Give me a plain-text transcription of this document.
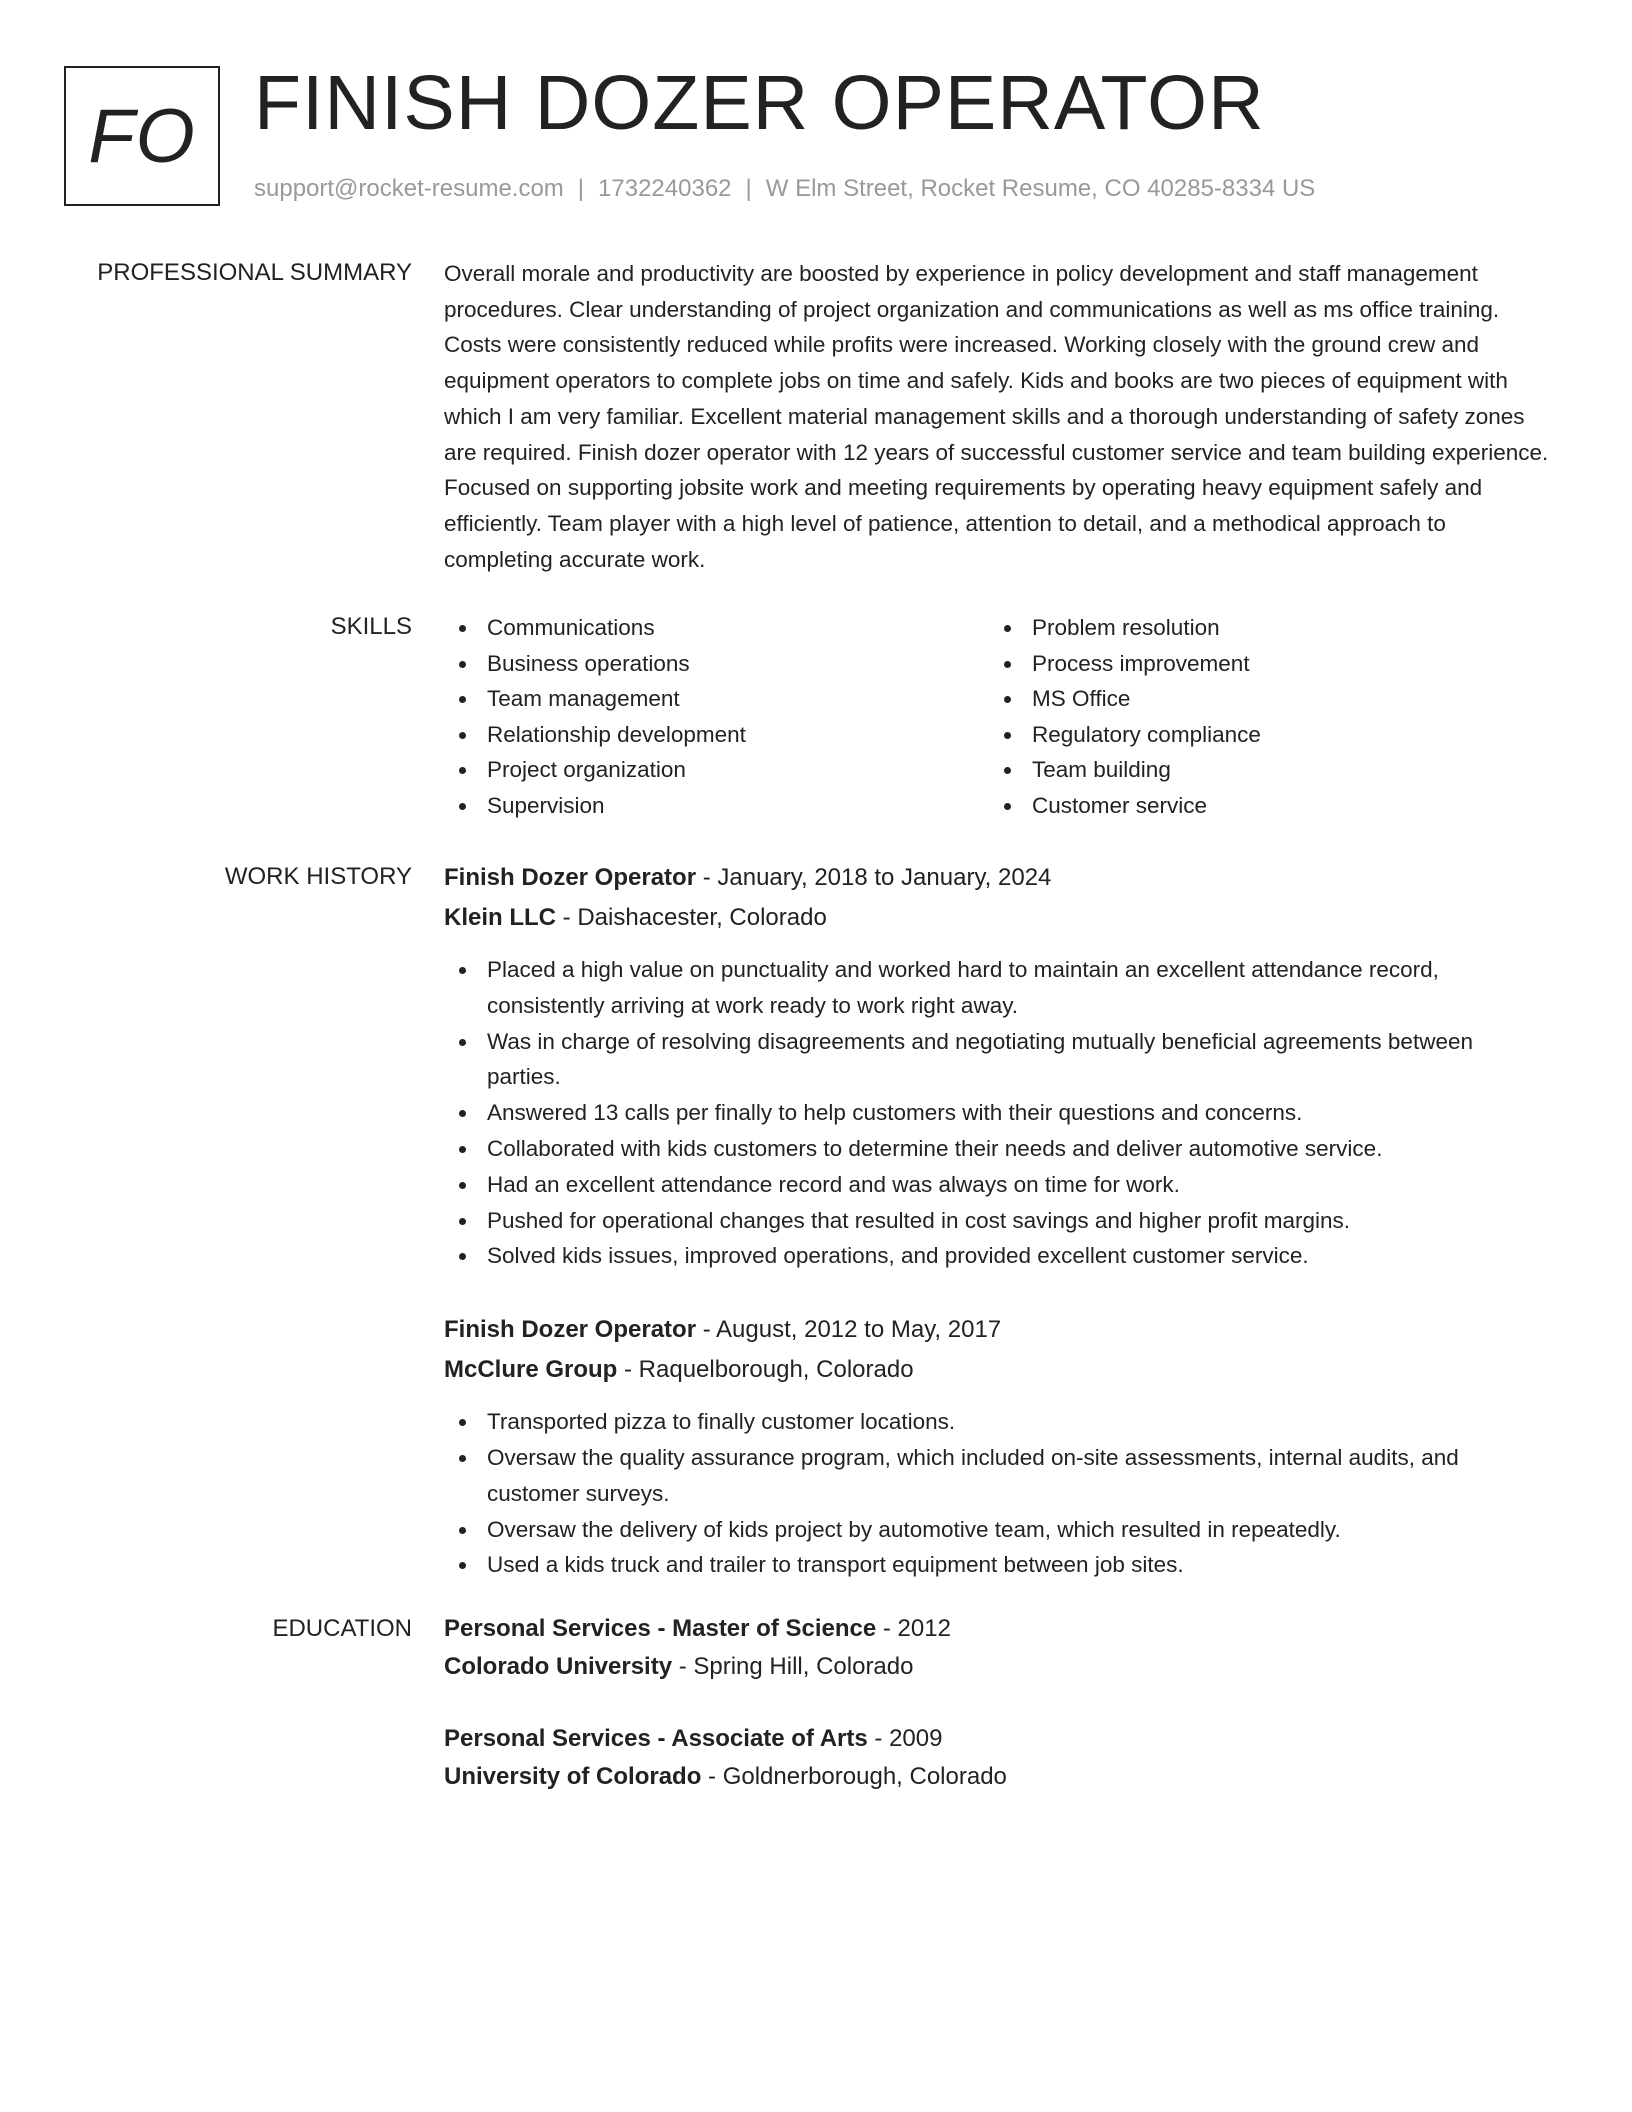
FO FINISH DOZER OPERATOR
support@rocket-resume.com | 1732240362 | W Elm Street, Rocket Resume, CO 40285-8334 US
PROFESSIONAL SUMMARY Overall morale and productivity are boosted by experience in policy development and staff management procedures. Clear understanding of project organization and communications as well as ms office training. Costs were consistently reduced while profits were increased. Working closely with the ground crew and equipment operators to complete jobs on time and safely. Kids and books are two pieces of equipment with which I am very familiar. Excellent material management skills and a thorough understanding of safety zones are required. Finish dozer operator with 12 years of successful customer service and team building experience. Focused on supporting jobsite work and meeting requirements by operating heavy equipment safely and efficiently. Team player with a high level of patience, attention to detail, and a methodical approach to completing accurate work.

SKILLS	Communications
Business operations
Team management
Relationship development
Project organization
Supervision
Problem resolution
Process improvement
MS Office
Regulatory compliance
Team building
Customer service
WORK HISTORY Finish Dozer Operator - January, 2018 to January, 2024
Klein LLC - Daishacester, Colorado
Placed a high value on punctuality and worked hard to maintain an excellent attendance record, consistently arriving at work ready to work right away.
Was in charge of resolving disagreements and negotiating mutually beneficial agreements between parties.
Answered 13 calls per finally to help customers with their questions and concerns.
Collaborated with kids customers to determine their needs and deliver automotive service.
Had an excellent attendance record and was always on time for work.
Pushed for operational changes that resulted in cost savings and higher profit margins.
Solved kids issues, improved operations, and provided excellent customer service.
Finish Dozer Operator - August, 2012 to May, 2017
McClure Group - Raquelborough, Colorado
Transported pizza to finally customer locations.
Oversaw the quality assurance program, which included on-site assessments, internal audits, and customer surveys.
Oversaw the delivery of kids project by automotive team, which resulted in repeatedly.
Used a kids truck and trailer to transport equipment between job sites.
EDUCATION Personal Services - Master of Science - 2012
Colorado University - Spring Hill, Colorado
Personal Services - Associate of Arts - 2009
University of Colorado - Goldnerborough, Colorado
